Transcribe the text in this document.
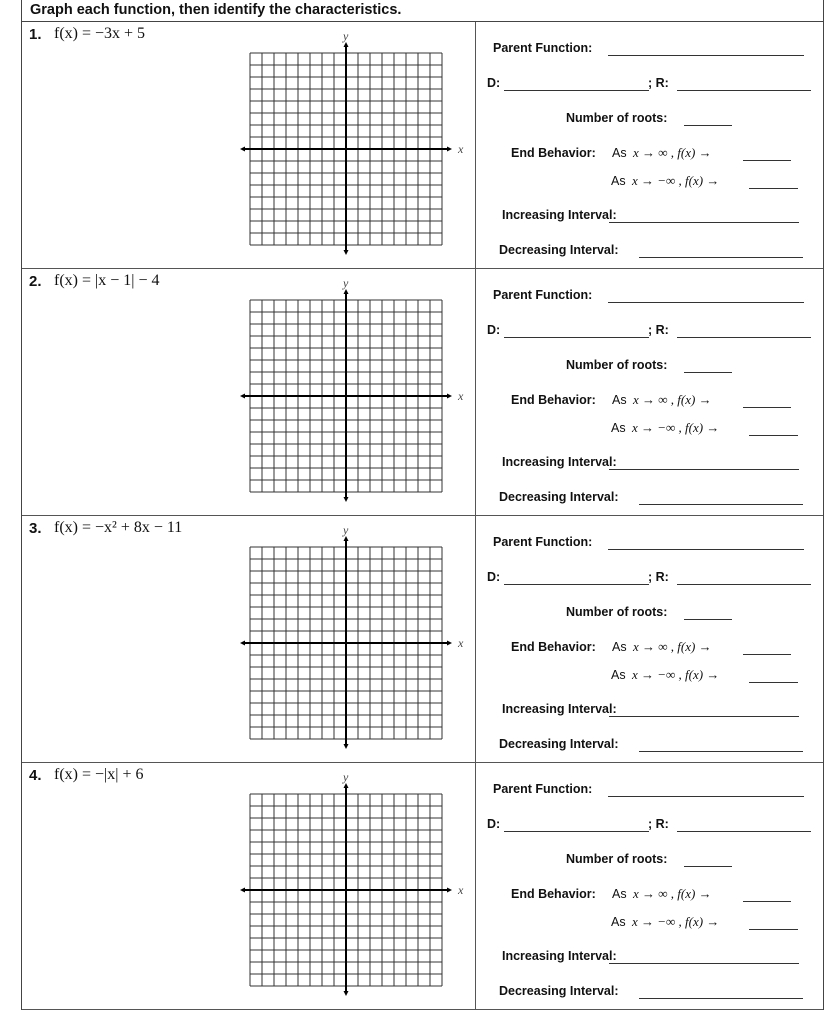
Graph each function, then identify the characteristics.
1. f(x) = −3x + 5
x
y
Parent Function:
D:	; R:
Number of roots:
End Behavior: As x → ∞ , f(x) →
As x → −∞ , f(x) →
Increasing Interval:
Decreasing Interval:
2. f(x) = |x − 1| − 4
x
y
Parent Function:
D:	; R:
Number of roots:
End Behavior: As x → ∞ , f(x) →
As x → −∞ , f(x) →
Increasing Interval:
Decreasing Interval:
3. f(x) = −x² + 8x − 11
x
y
Parent Function:
D:	; R:
Number of roots:
End Behavior: As x → ∞ , f(x) →
As x → −∞ , f(x) →
Increasing Interval:
Decreasing Interval:
4. f(x) = −|x| + 6
x
y
Parent Function:
D:	; R:
Number of roots:
End Behavior: As x → ∞ , f(x) →
As x → −∞ , f(x) →
Increasing Interval:
Decreasing Interval:
